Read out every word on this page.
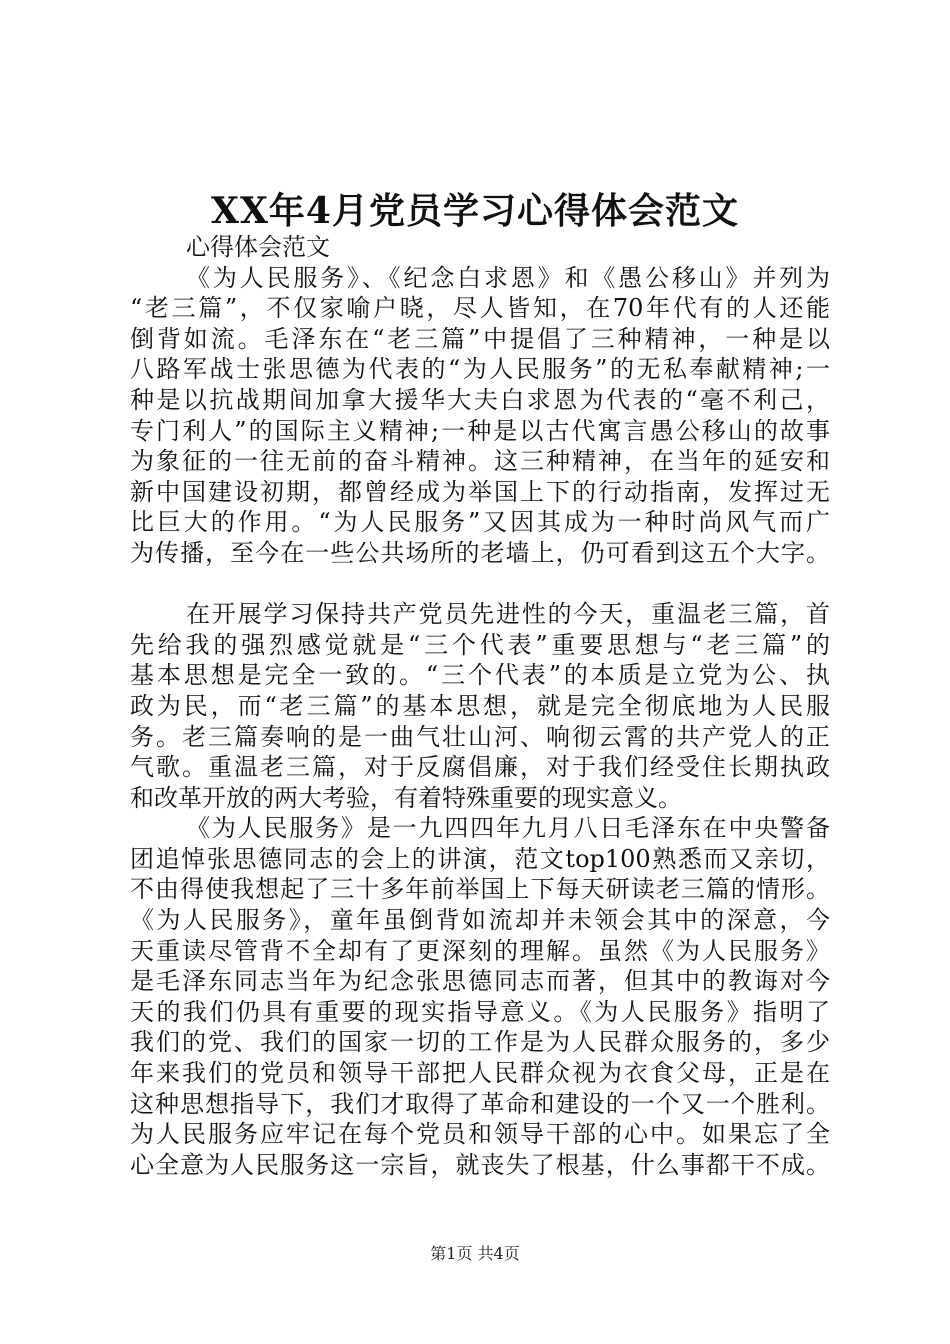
XX年4月党员学习心得体会范文
心得体会范文
《为人民服务》、《纪念白求恩》和《愚公移山》并列为
“老三篇”，不仅家喻户晓，尽人皆知，在70年代有的人还能
倒背如流。毛泽东在“老三篇”中提倡了三种精神，一种是以
八路军战士张思德为代表的“为人民服务”的无私奉献精神;一
种是以抗战期间加拿大援华大夫白求恩为代表的“毫不利己，
专门利人”的国际主义精神;一种是以古代寓言愚公移山的故事
为象征的一往无前的奋斗精神。这三种精神，在当年的延安和
新中国建设初期，都曾经成为举国上下的行动指南，发挥过无
比巨大的作用。“为人民服务”又因其成为一种时尚风气而广
为传播，至今在一些公共场所的老墙上，仍可看到这五个大字。
在开展学习保持共产党员先进性的今天，重温老三篇，首
先给我的强烈感觉就是“三个代表”重要思想与“老三篇”的
基本思想是完全一致的。“三个代表”的本质是立党为公、执
政为民，而“老三篇”的基本思想，就是完全彻底地为人民服
务。老三篇奏响的是一曲气壮山河、响彻云霄的共产党人的正
气歌。重温老三篇，对于反腐倡廉，对于我们经受住长期执政
和改革开放的两大考验，有着特殊重要的现实意义。
《为人民服务》是一九四四年九月八日毛泽东在中央警备
团追悼张思德同志的会上的讲演，范文top100熟悉而又亲切，
不由得使我想起了三十多年前举国上下每天研读老三篇的情形。
《为人民服务》，童年虽倒背如流却并未领会其中的深意，今
天重读尽管背不全却有了更深刻的理解。虽然《为人民服务》
是毛泽东同志当年为纪念张思德同志而著，但其中的教诲对今
天的我们仍具有重要的现实指导意义。《为人民服务》指明了
我们的党、我们的国家一切的工作是为人民群众服务的，多少
年来我们的党员和领导干部把人民群众视为衣食父母，正是在
这种思想指导下，我们才取得了革命和建设的一个又一个胜利。
为人民服务应牢记在每个党员和领导干部的心中。如果忘了全
心全意为人民服务这一宗旨，就丧失了根基，什么事都干不成。
第1页 共4页
